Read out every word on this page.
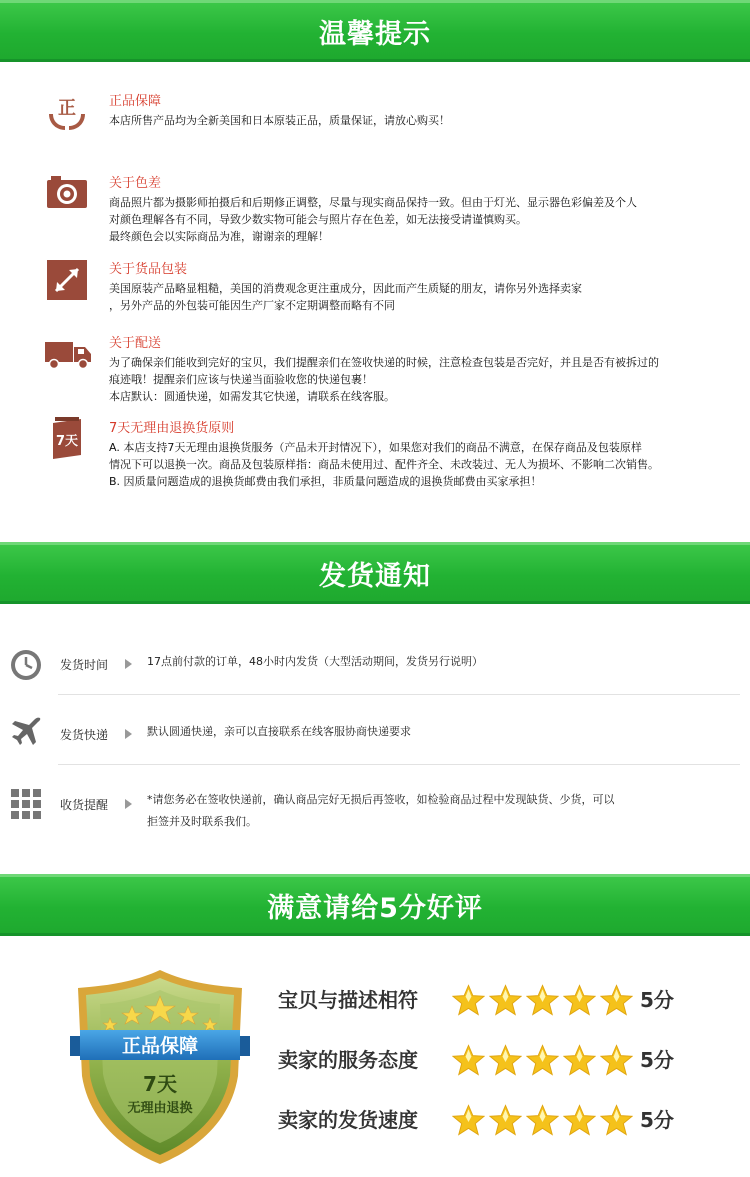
温馨提示
正	正品保障

本店所售产品均为全新美国和日本原装正品，质量保证，请放心购买！

关于色差

商品照片都为摄影师拍摄后和后期修正调整，尽量与现实商品保持一致。但由于灯光、显示器色彩偏差及个人

对颜色理解各有不同，导致少数实物可能会与照片存在色差，如无法接受请谨慎购买。

最终颜色会以实际商品为准，谢谢亲的理解！

关于货品包装

美国原装产品略显粗糙，美国的消费观念更注重成分，因此而产生质疑的朋友，请你另外选择卖家

，另外产品的外包装可能因生产厂家不定期调整而略有不同

关于配送

为了确保亲们能收到完好的宝贝，我们提醒亲们在签收快递的时候，注意检查包装是否完好，并且是否有被拆过的

痕迹哦！提醒亲们应该与快递当面验收您的快递包裹！

本店默认：圆通快递，如需发其它快递，请联系在线客服。

7天
7天无理由退换货原则

A. 本店支持7天无理由退换货服务（产品未开封情况下），如果您对我们的商品不满意，在保存商品及包装原样

情况下可以退换一次。商品及包装原样指：商品未使用过、配件齐全、未改装过、无人为损坏、不影响二次销售。

B. 因质量问题造成的退换货邮费由我们承担，非质量问题造成的退换货邮费由买家承担！

发货通知
发货时间	17点前付款的订单，48小时内发货（大型活动期间，发货另行说明）

发货快递	默认圆通快递，亲可以直接联系在线客服协商快递要求

收货提醒	*请您务必在签收快递前，确认商品完好无损后再签收，如检验商品过程中发现缺货、少货，可以

拒签并及时联系我们。

满意请给5分好评
正品保障
7天
无理由退换
宝贝与描述相符	5分
卖家的服务态度	5分
卖家的发货速度	5分
